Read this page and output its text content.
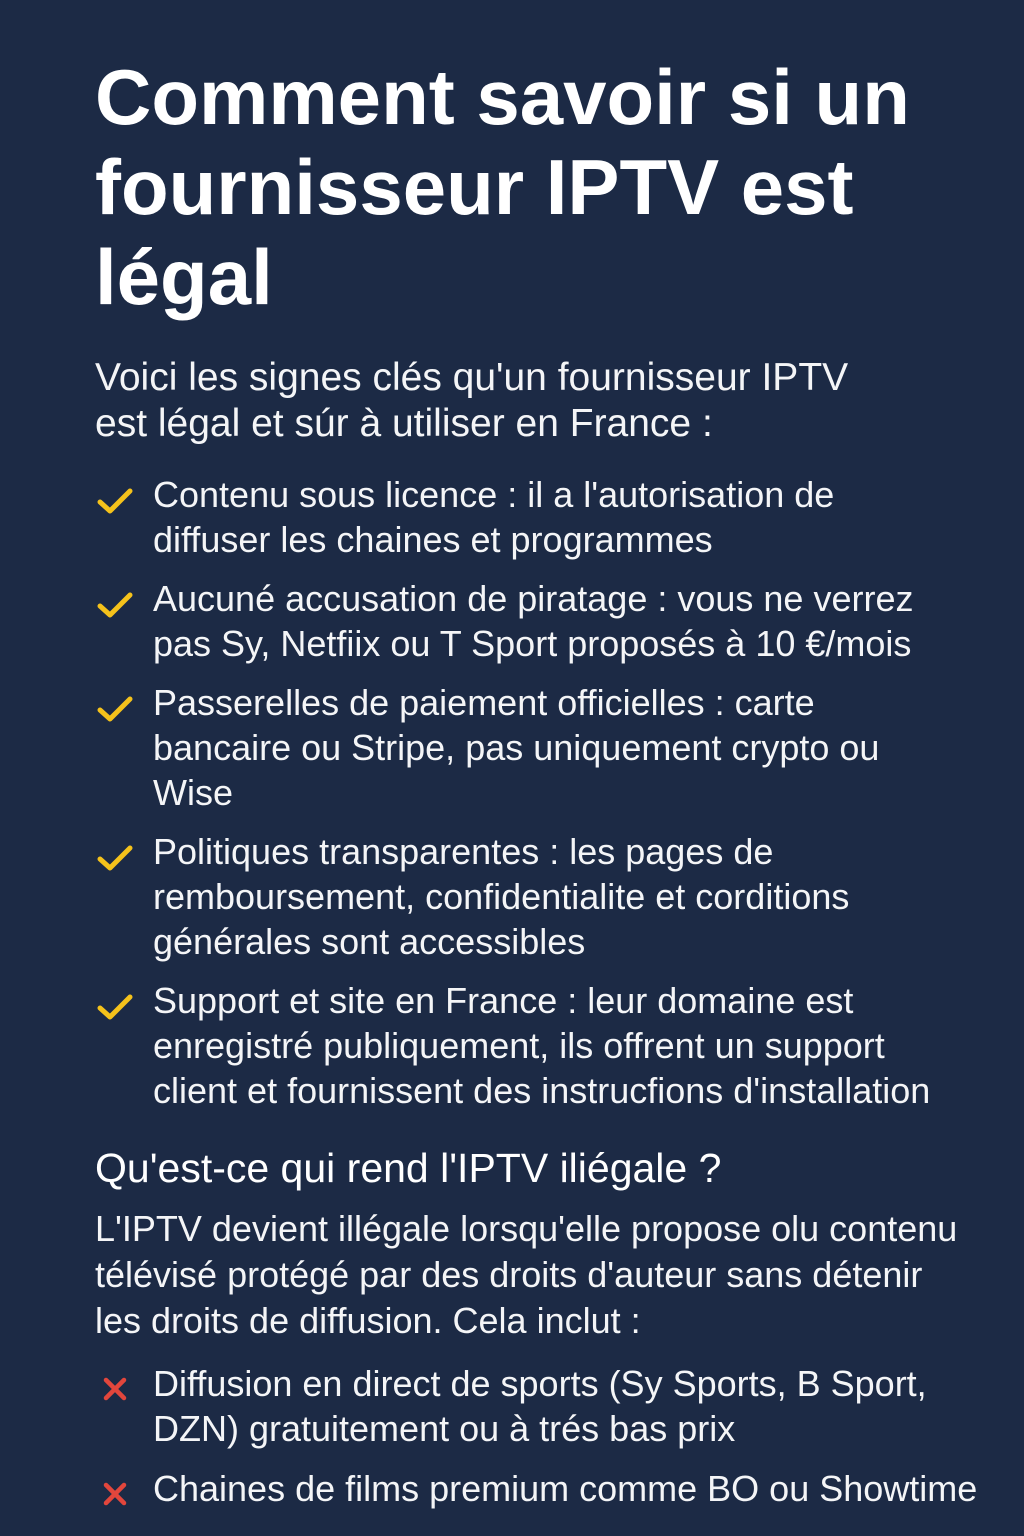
Comment savoir si un fournisseur IPTV est légal

Voici les signes clés qu'un fournisseur IPTV est légal et súr à utiliser en France :

Contenu sous licence : il a l'autorisation de diffuser les chaines et programmes
Aucuné accusation de piratage : vous ne verrez pas Sy, Netfiix ou T Sport proposés à 10 €/mois
Passerelles de paiement officielles : carte bancaire ou Stripe, pas uniquement crypto ou Wise
Politiques transparentes : les pages de remboursement, confidentialite et corditions générales sont accessibles
Support et site en France : leur domaine est enregistré publiquement, ils offrent un support client et fournissent des instrucfions d'installation
Qu'est-ce qui rend l'IPTV iliégale ?

L'IPTV devient illégale lorsqu'elle propose olu contenu télévisé protégé par des droits d'auteur sans détenir les droits de diffusion. Cela inclut :

Diffusion en direct de sports (Sy Sports, B Sport, DZN) gratuitement ou à trés bas prix
Chaines de films premium comme BO ou Showtime
